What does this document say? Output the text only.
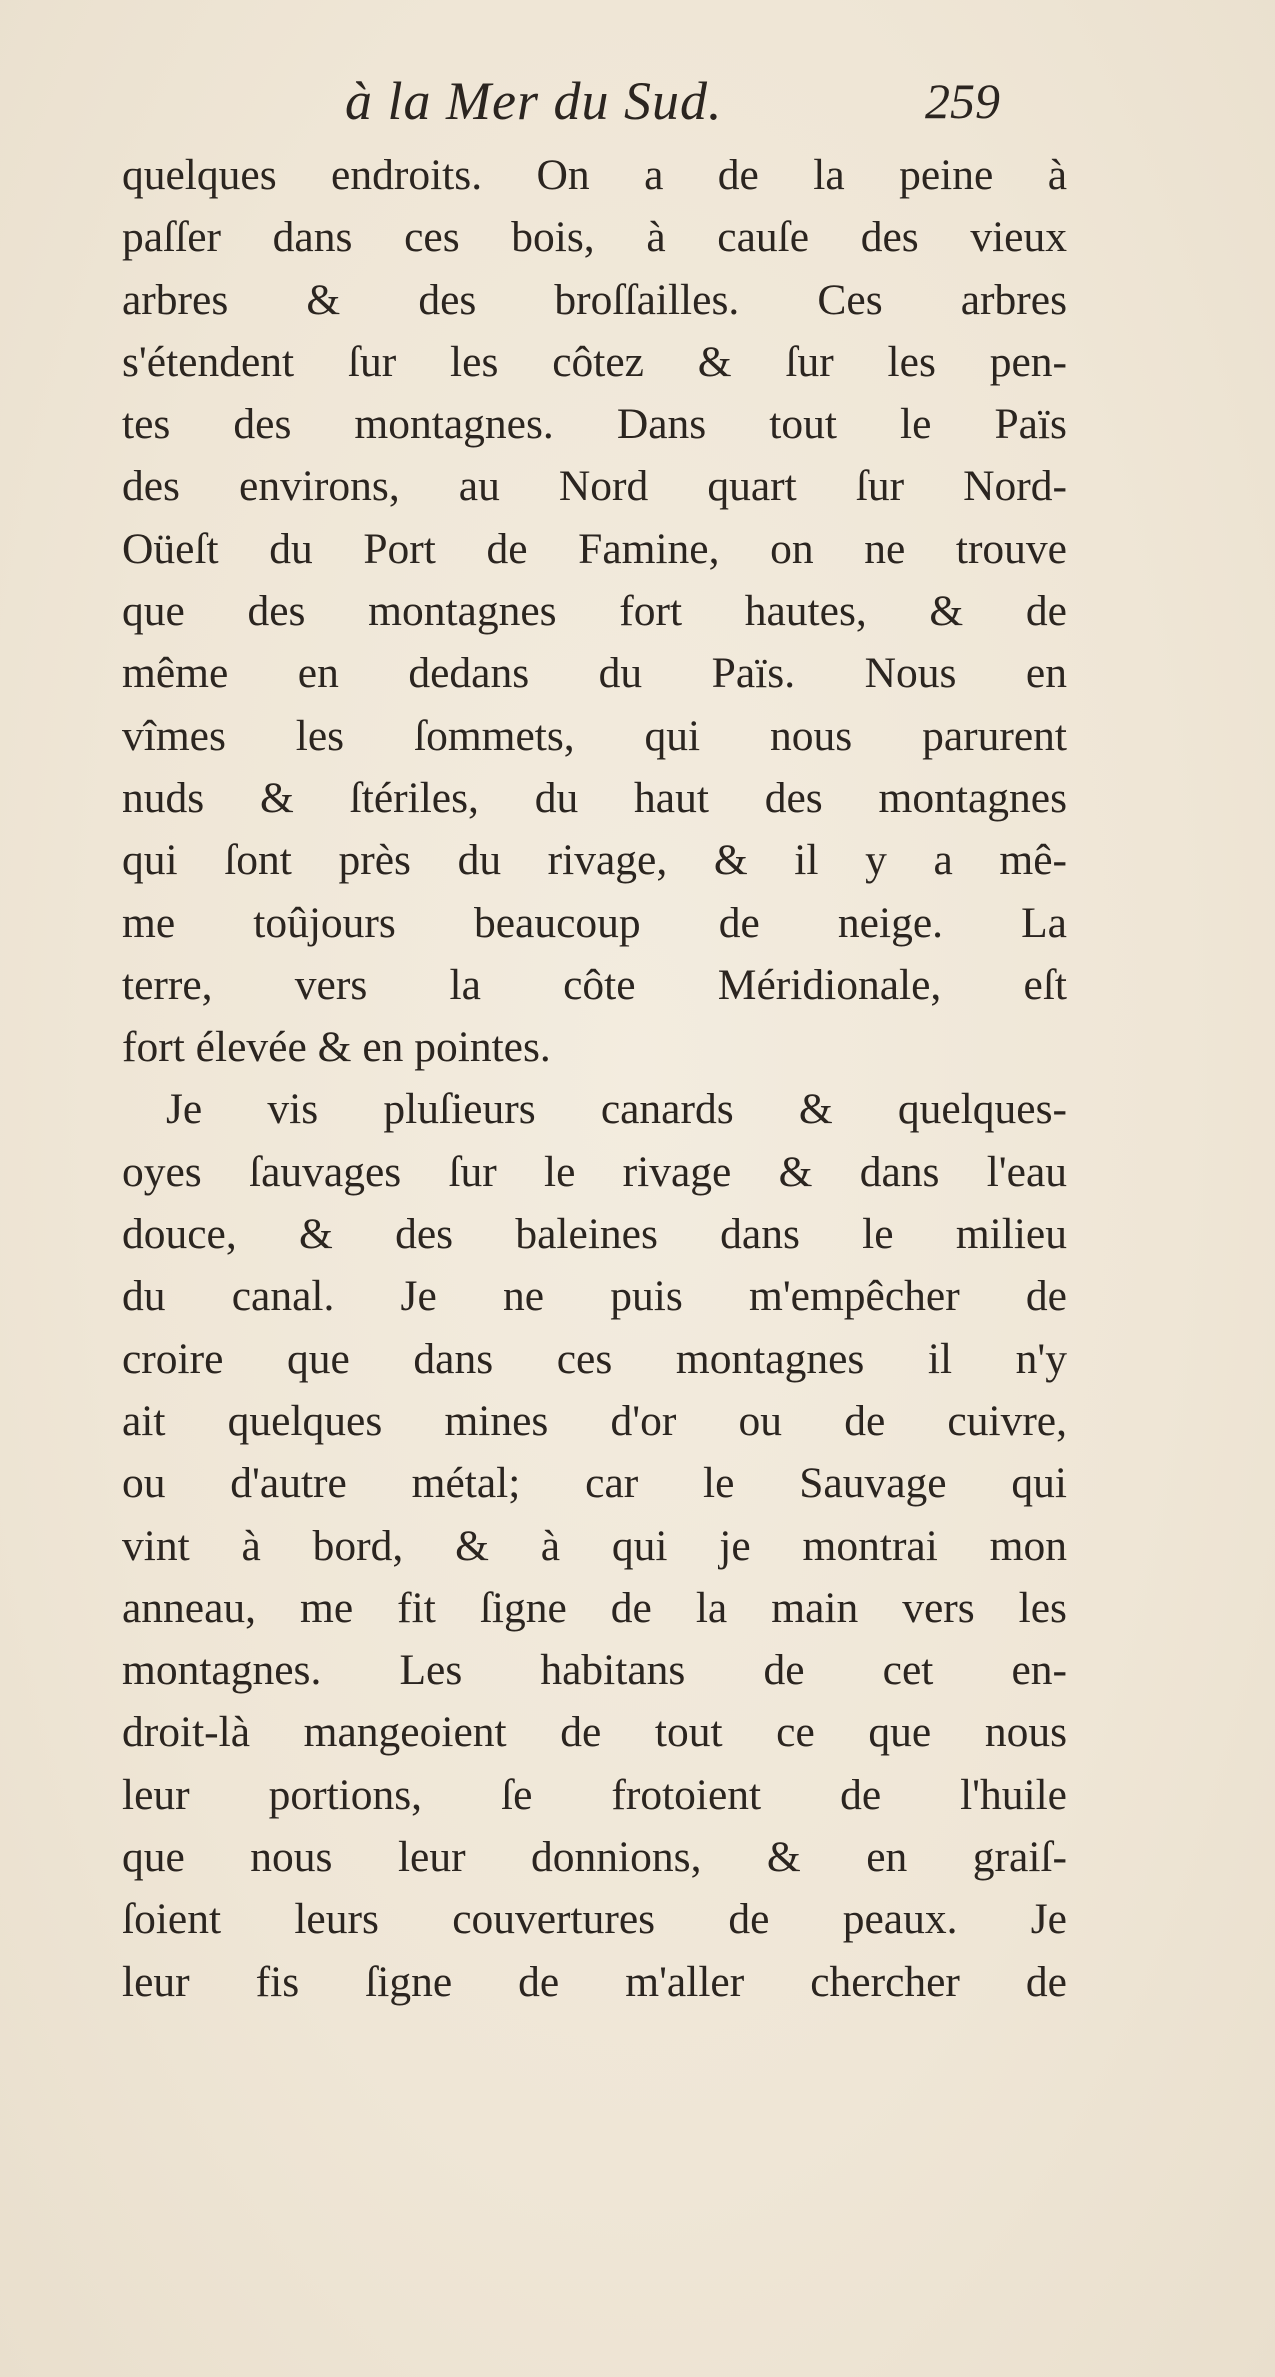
à la Mer du Sud.	259
quelques endroits. On a de la peine à
paſſer dans ces bois, à cauſe des vieux
arbres & des broſſailles. Ces arbres
s'étendent ſur les côtez & ſur les pen-
tes des montagnes. Dans tout le Païs
des environs, au Nord quart ſur Nord-
Oüeſt du Port de Famine, on ne trouve
que des montagnes fort hautes, & de
même en dedans du Païs. Nous en
vîmes les ſommets, qui nous parurent
nuds & ſtériles, du haut des montagnes
qui ſont près du rivage, & il y a mê-
me toûjours beaucoup de neige. La
terre, vers la côte Méridionale, eſt
fort élevée & en pointes.
Je vis pluſieurs canards & quelques-
oyes ſauvages ſur le rivage & dans l'eau
douce, & des baleines dans le milieu
du canal. Je ne puis m'empêcher de
croire que dans ces montagnes il n'y
ait quelques mines d'or ou de cuivre,
ou d'autre métal; car le Sauvage qui
vint à bord, & à qui je montrai mon
anneau, me fit ſigne de la main vers les
montagnes. Les habitans de cet en-
droit-là mangeoient de tout ce que nous
leur portions, ſe frotoient de l'huile
que nous leur donnions, & en graiſ-
ſoient leurs couvertures de peaux. Je
leur fis ſigne de m'aller chercher de
